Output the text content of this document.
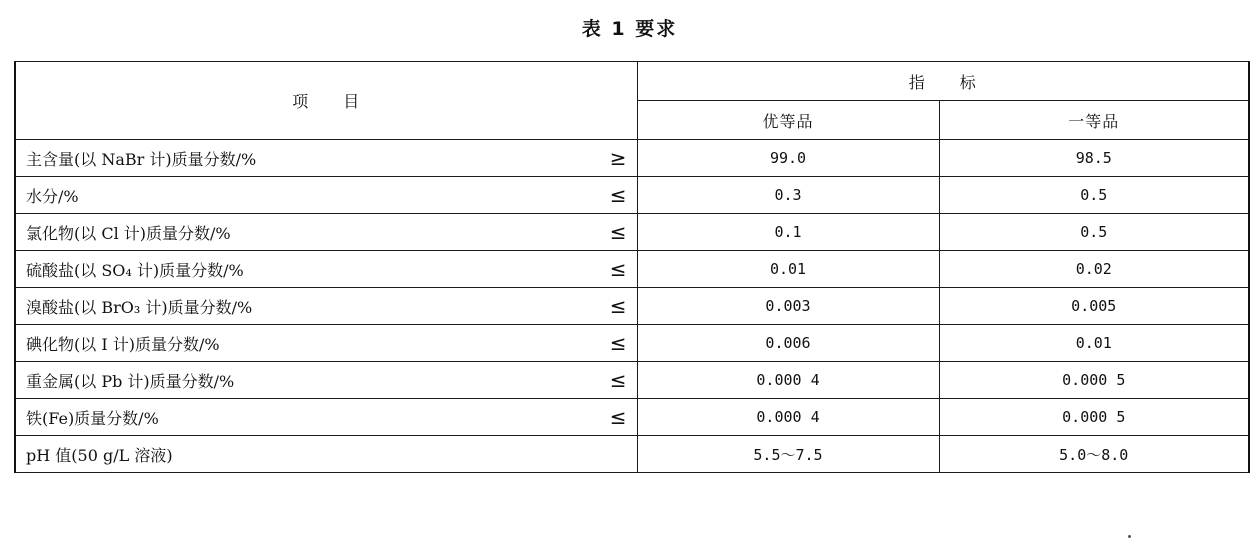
表 1 要求
项　　目	指　　标	
	优等品	一等品
主含量(以 NaBr 计)质量分数/% ≥	99.0	98.5
水分/% ≤	0.3	0.5
氯化物(以 Cl 计)质量分数/% ≤	0.1	0.5
硫酸盐(以 SO₄ 计)质量分数/% ≤	0.01	0.02
溴酸盐(以 BrO₃ 计)质量分数/% ≤	0.003	0.005
碘化物(以 I 计)质量分数/% ≤	0.006	0.01
重金属(以 Pb 计)质量分数/% ≤	0.000 4	0.000 5
铁(Fe)质量分数/% ≤	0.000 4	0.000 5
pH 值(50 g/L 溶液)	5.5～7.5	5.0～8.0
